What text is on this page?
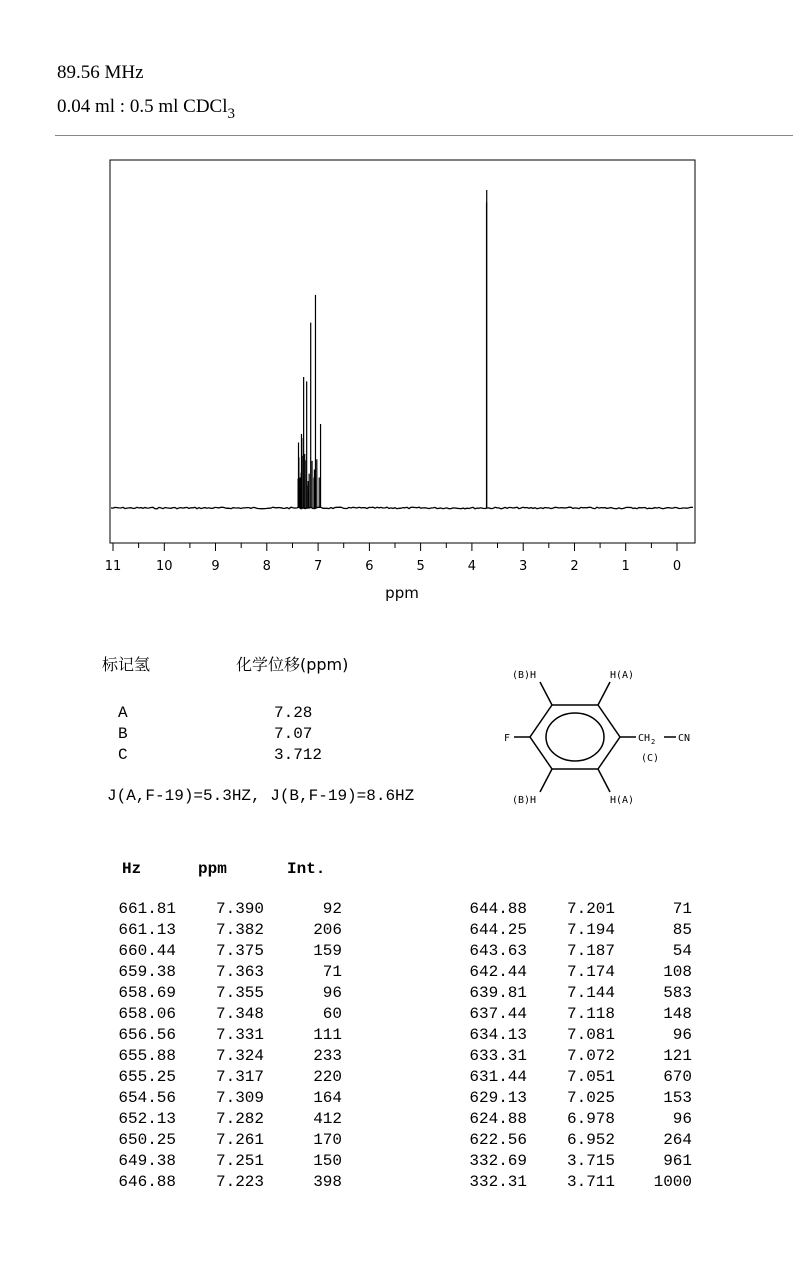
89.56 MHz
0.04 ml : 0.5 ml CDCl$_3$
11	10	9	8	7	6	5	4	3	2	1	0
ppm
标记氢	化学位移(ppm)
A	7.28
B	7.07
C	3.712
J(A,F-19)=5.3HZ, J(B,F-19)=8.6HZ
(B)H	H(A)
(B)H	H(A)
F	CH 2 CN
(C)
Hz	ppm	Int.
661.81	7.390	92
661.13	7.382	206
660.44	7.375	159
659.38	7.363	71
658.69	7.355	96
658.06	7.348	60
656.56	7.331	111
655.88	7.324	233
655.25	7.317	220
654.56	7.309	164
652.13	7.282	412
650.25	7.261	170
649.38	7.251	150
646.88	7.223	398
644.88	7.201	71
644.25	7.194	85
643.63	7.187	54
642.44	7.174	108
639.81	7.144	583
637.44	7.118	148
634.13	7.081	96
633.31	7.072	121
631.44	7.051	670
629.13	7.025	153
624.88	6.978	96
622.56	6.952	264
332.69	3.715	961
332.31	3.711	1000
